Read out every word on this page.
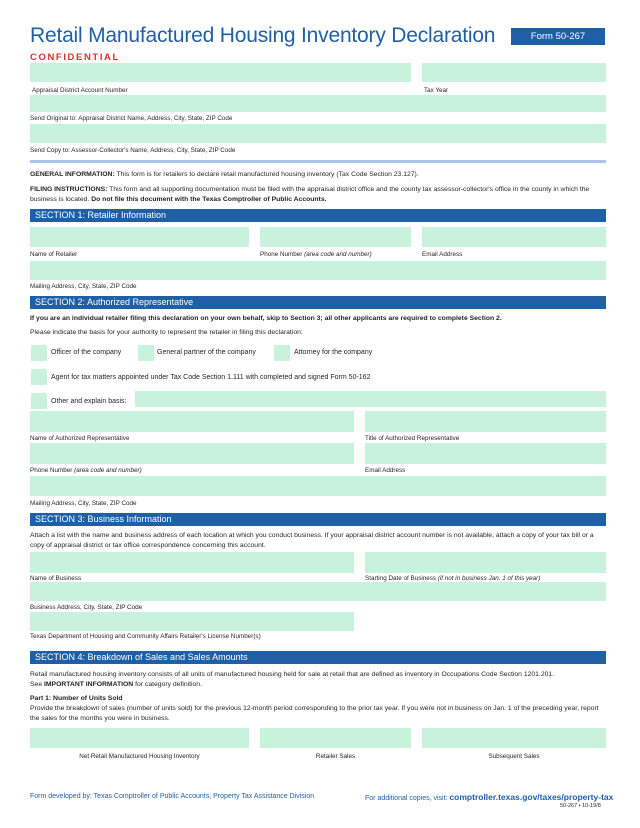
Retail Manufactured Housing Inventory Declaration
CONFIDENTIAL
Form 50-267
Appraisal District Account Number	Tax Year
Send Original to: Appraisal District Name, Address, City, State, ZIP Code
Send Copy to: Assessor-Collector's Name, Address, City, State, ZIP Code
GENERAL INFORMATION: This form is for retailers to declare retail manufactured housing inventory (Tax Code Section 23.127).
FILING INSTRUCTIONS: This form and all supporting documentation must be filed with the appraisal district office and the county tax assessor-collector's office in the county in which the business is located. Do not file this document with the Texas Comptroller of Public Accounts.
SECTION 1: Retailer Information
Name of Retailer	Phone Number (area code and number)	Email Address
Mailing Address, City, State, ZIP Code
SECTION 2: Authorized Representative
If you are an individual retailer filing this declaration on your own behalf, skip to Section 3; all other applicants are required to complete Section 2.
Please indicate the basis for your authority to represent the retailer in filing this declaration:
Officer of the company	General partner of the company	Attorney for the company
Agent for tax matters appointed under Tax Code Section 1.111 with completed and signed Form 50-162
Other and explain basis:
Name of Authorized Representative	Title of Authorized Representative
Phone Number (area code and number)	Email Address
Mailing Address, City, State, ZIP Code
SECTION 3: Business Information
Attach a list with the name and business address of each location at which you conduct business. If your appraisal district account number is not available, attach a copy of your tax bill or a copy of appraisal district or tax office correspondence concerning this account.
Name of Business	Starting Date of Business (if not in business Jan. 1 of this year)
Business Address, City, State, ZIP Code
Texas Department of Housing and Community Affairs Retailer's License Number(s)
SECTION 4: Breakdown of Sales and Sales Amounts
Retail manufactured housing inventory consists of all units of manufactured housing held for sale at retail that are defined as inventory in Occupations Code Section 1201.201.
See IMPORTANT INFORMATION for category definition.
Part 1: Number of Units Sold
Provide the breakdown of sales (number of units sold) for the previous 12-month period corresponding to the prior tax year. If you were not in business on Jan. 1 of the preceding year, report the sales for the months you were in business.
Net Retail Manufactured Housing Inventory	Retailer Sales	Subsequent Sales
Form developed by: Texas Comptroller of Public Accounts, Property Tax Assistance Division	For additional copies, visit: comptroller.texas.gov/taxes/property-tax
50-267 • 10-19/8
